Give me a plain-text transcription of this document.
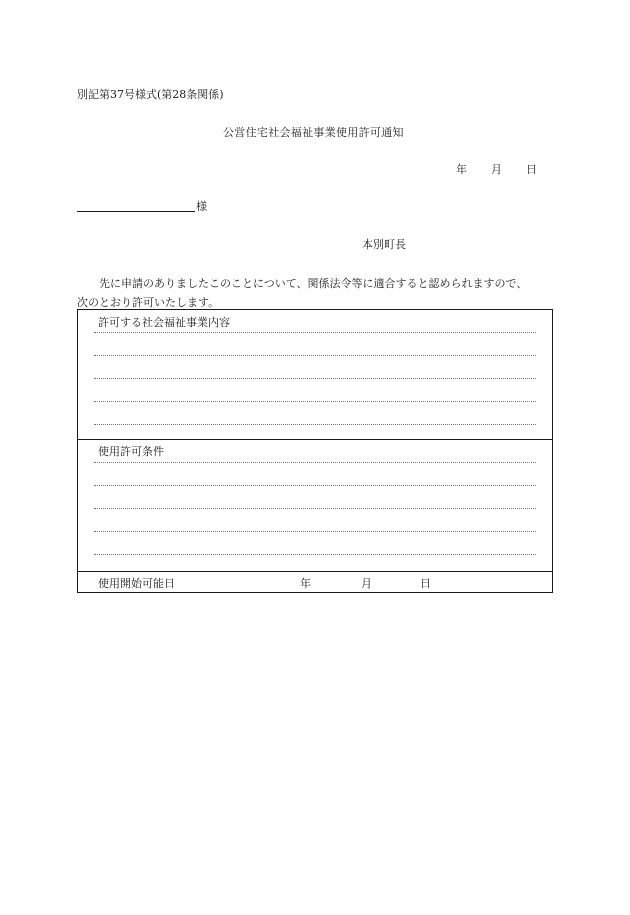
別記第37号様式(第28条関係)
公営住宅社会福祉事業使用許可通知
年 月 日
様
本別町長
先に申請のありましたこのことについて、関係法令等に適合すると認められますので、
次のとおり許可いたします。
許可する社会福祉事業内容
使用許可条件
使用開始可能日	年	月	日
